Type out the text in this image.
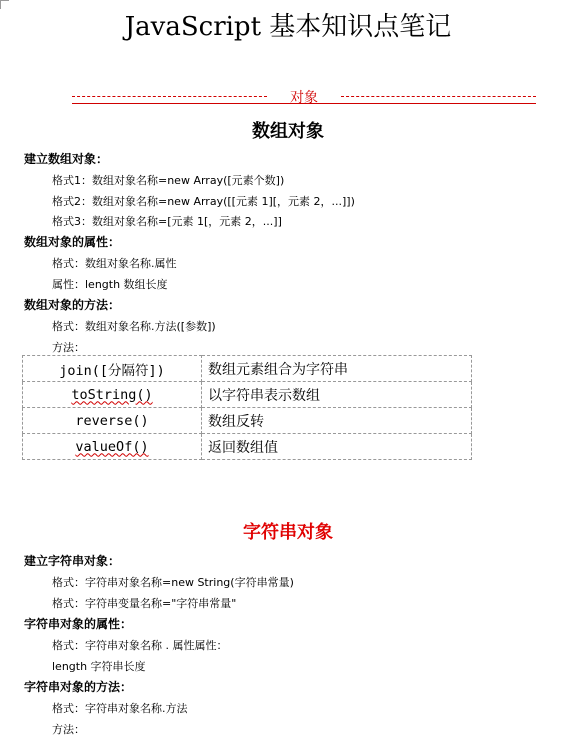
JavaScript 基本知识点笔记
对象
数组对象
建立数组对象：
格式1：数组对象名称=new Array([元素个数])
格式2：数组对象名称=new Array([[元素 1][，元素 2，...]])
格式3：数组对象名称=[元素 1[，元素 2，...]]
数组对象的属性：
格式：数组对象名称.属性
属性：length 数组长度
数组对象的方法：
格式：数组对象名称.方法([参数])
方法：
join([分隔符])	数组元素组合为字符串
toString()	以字符串表示数组
reverse()	数组反转
valueOf()	返回数组值
字符串对象
建立字符串对象：
格式：字符串对象名称=new String(字符串常量)
格式：字符串变量名称="字符串常量"
字符串对象的属性：
格式：字符串对象名称 . 属性属性：
length 字符串长度
字符串对象的方法：
格式：字符串对象名称.方法
方法：
